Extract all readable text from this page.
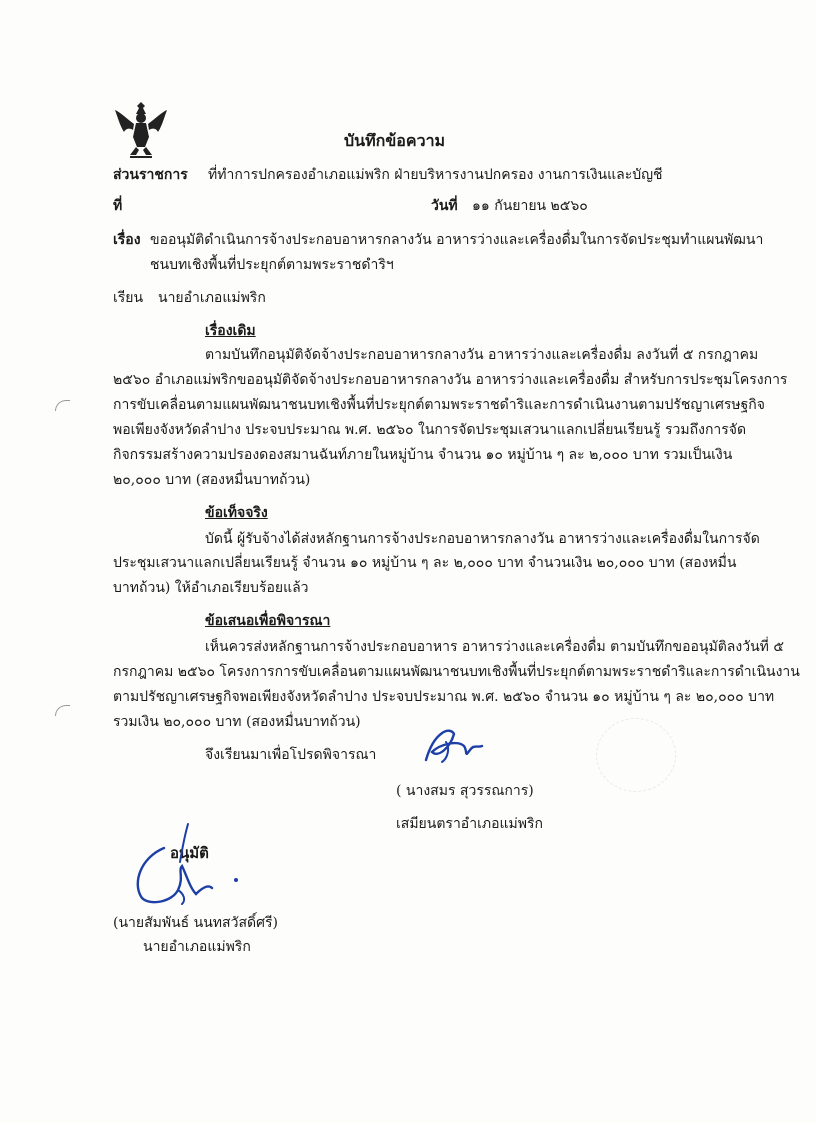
บันทึกข้อความ
ส่วนราชการ ที่ทำการปกครองอำเภอแม่พริก ฝ่ายบริหารงานปกครอง งานการเงินและบัญชี
ที่	วันที่ ๑๑ กันยายน ๒๕๖๐
เรื่อง ขออนุมัติดำเนินการจ้างประกอบอาหารกลางวัน อาหารว่างและเครื่องดื่มในการจัดประชุมทำแผนพัฒนา
ชนบทเชิงพื้นที่ประยุกต์ตามพระราชดำริฯ
เรียน นายอำเภอแม่พริก
เรื่องเดิม
ตามบันทึกอนุมัติจัดจ้างประกอบอาหารกลางวัน อาหารว่างและเครื่องดื่ม ลงวันที่ ๕ กรกฎาคม
๒๕๖๐ อำเภอแม่พริกขออนุมัติจัดจ้างประกอบอาหารกลางวัน อาหารว่างและเครื่องดื่ม สำหรับการประชุมโครงการ
การขับเคลื่อนตามแผนพัฒนาชนบทเชิงพื้นที่ประยุกต์ตามพระราชดำริและการดำเนินงานตามปรัชญาเศรษฐกิจ
พอเพียงจังหวัดลำปาง ประจบประมาณ พ.ศ. ๒๕๖๐ ในการจัดประชุมเสวนาแลกเปลี่ยนเรียนรู้ รวมถึงการจัด
กิจกรรมสร้างความปรองดองสมานฉันท์ภายในหมู่บ้าน จำนวน ๑๐ หมู่บ้าน ๆ ละ ๒,๐๐๐ บาท รวมเป็นเงิน
๒๐,๐๐๐ บาท (สองหมื่นบาทถ้วน)
ข้อเท็จจริง
บัดนี้ ผู้รับจ้างได้ส่งหลักฐานการจ้างประกอบอาหารกลางวัน อาหารว่างและเครื่องดื่มในการจัด
ประชุมเสวนาแลกเปลี่ยนเรียนรู้ จำนวน ๑๐ หมู่บ้าน ๆ ละ ๒,๐๐๐ บาท จำนวนเงิน ๒๐,๐๐๐ บาท (สองหมื่น
บาทถ้วน) ให้อำเภอเรียบร้อยแล้ว
ข้อเสนอเพื่อพิจารณา
เห็นควรส่งหลักฐานการจ้างประกอบอาหาร อาหารว่างและเครื่องดื่ม ตามบันทึกขออนุมัติลงวันที่ ๕
กรกฎาคม ๒๕๖๐ โครงการการขับเคลื่อนตามแผนพัฒนาชนบทเชิงพื้นที่ประยุกต์ตามพระราชดำริและการดำเนินงาน
ตามปรัชญาเศรษฐกิจพอเพียงจังหวัดลำปาง ประจบประมาณ พ.ศ. ๒๕๖๐ จำนวน ๑๐ หมู่บ้าน ๆ ละ ๒๐,๐๐๐ บาท
รวมเงิน ๒๐,๐๐๐ บาท (สองหมื่นบาทถ้วน)
จึงเรียนมาเพื่อโปรดพิจารณา
( นางสมร สุวรรณการ)
เสมียนตราอำเภอแม่พริก
อนุมัติ
(นายสัมพันธ์ นนทสวัสดิ์ศรี)
นายอำเภอแม่พริก
